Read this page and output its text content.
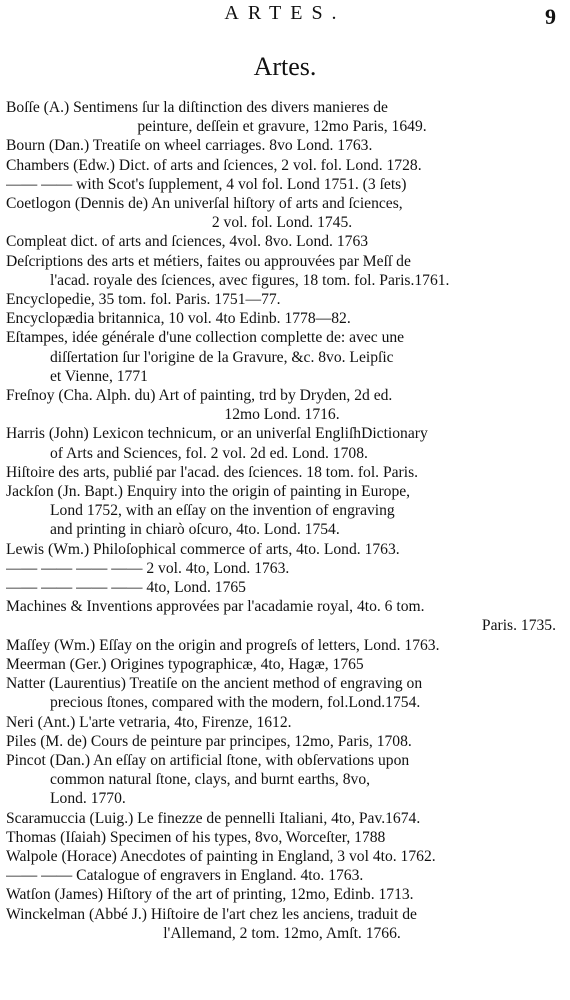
ARTES.	9
Artes.
Boſſe (A.) Sentimens ſur la diſtinction des divers manieres de
peinture, deſſein et gravure, 12mo Paris, 1649.
Bourn (Dan.) Treatiſe on wheel carriages. 8vo Lond. 1763.
Chambers (Edw.) Dict. of arts and ſciences, 2 vol. fol. Lond. 1728.
—— —— with Scot's ſupplement, 4 vol fol. Lond 1751. (3 ſets)
Coetlogon (Dennis de) An univerſal hiſtory of arts and ſciences,
2 vol. fol. Lond. 1745.
Compleat dict. of arts and ſciences, 4vol. 8vo. Lond. 1763
Deſcriptions des arts et métiers, faites ou approuvées par Meſſ de
l'acad. royale des ſciences, avec figures, 18 tom. fol. Paris.1761.
Encyclopedie, 35 tom. fol. Paris. 1751—77.
Encyclopædia britannica, 10 vol. 4to Edinb. 1778—82.
Eſtampes, idée générale d'une collection complette de: avec une
diſſertation ſur l'origine de la Gravure, &c. 8vo. Leipſic
et Vienne, 1771
Freſnoy (Cha. Alph. du) Art of painting, trd by Dryden, 2d ed.
12mo Lond. 1716.
Harris (John) Lexicon technicum, or an univerſal EngliſhDictionary
of Arts and Sciences, fol. 2 vol. 2d ed. Lond. 1708.
Hiſtoire des arts, publié par l'acad. des ſciences. 18 tom. fol. Paris.
Jackſon (Jn. Bapt.) Enquiry into the origin of painting in Europe,
Lond 1752, with an eſſay on the invention of engraving
and printing in chiarò oſcuro, 4to. Lond. 1754.
Lewis (Wm.) Philoſophical commerce of arts, 4to. Lond. 1763.
—— —— —— —— 2 vol. 4to, Lond. 1763.
—— —— —— —— 4to, Lond. 1765
Machines & Inventions approvées par l'acadamie royal, 4to. 6 tom.
Paris. 1735.
Maſſey (Wm.) Eſſay on the origin and progreſs of letters, Lond. 1763.
Meerman (Ger.) Origines typographicæ, 4to, Hagæ, 1765
Natter (Laurentius) Treatiſe on the ancient method of engraving on
precious ſtones, compared with the modern, fol.Lond.1754.
Neri (Ant.) L'arte vetraria, 4to, Firenze, 1612.
Piles (M. de) Cours de peinture par principes, 12mo, Paris, 1708.
Pincot (Dan.) An eſſay on artificial ſtone, with obſervations upon
common natural ſtone, clays, and burnt earths, 8vo,
Lond. 1770.
Scaramuccia (Luig.) Le finezze de pennelli Italiani, 4to, Pav.1674.
Thomas (Iſaiah) Specimen of his types, 8vo, Worceſter, 1788
Walpole (Horace) Anecdotes of painting in England, 3 vol 4to. 1762.
—— —— Catalogue of engravers in England. 4to. 1763.
Watſon (James) Hiſtory of the art of printing, 12mo, Edinb. 1713.
Winckelman (Abbé J.) Hiſtoire de l'art chez les anciens, traduit de
l'Allemand, 2 tom. 12mo, Amſt. 1766.
